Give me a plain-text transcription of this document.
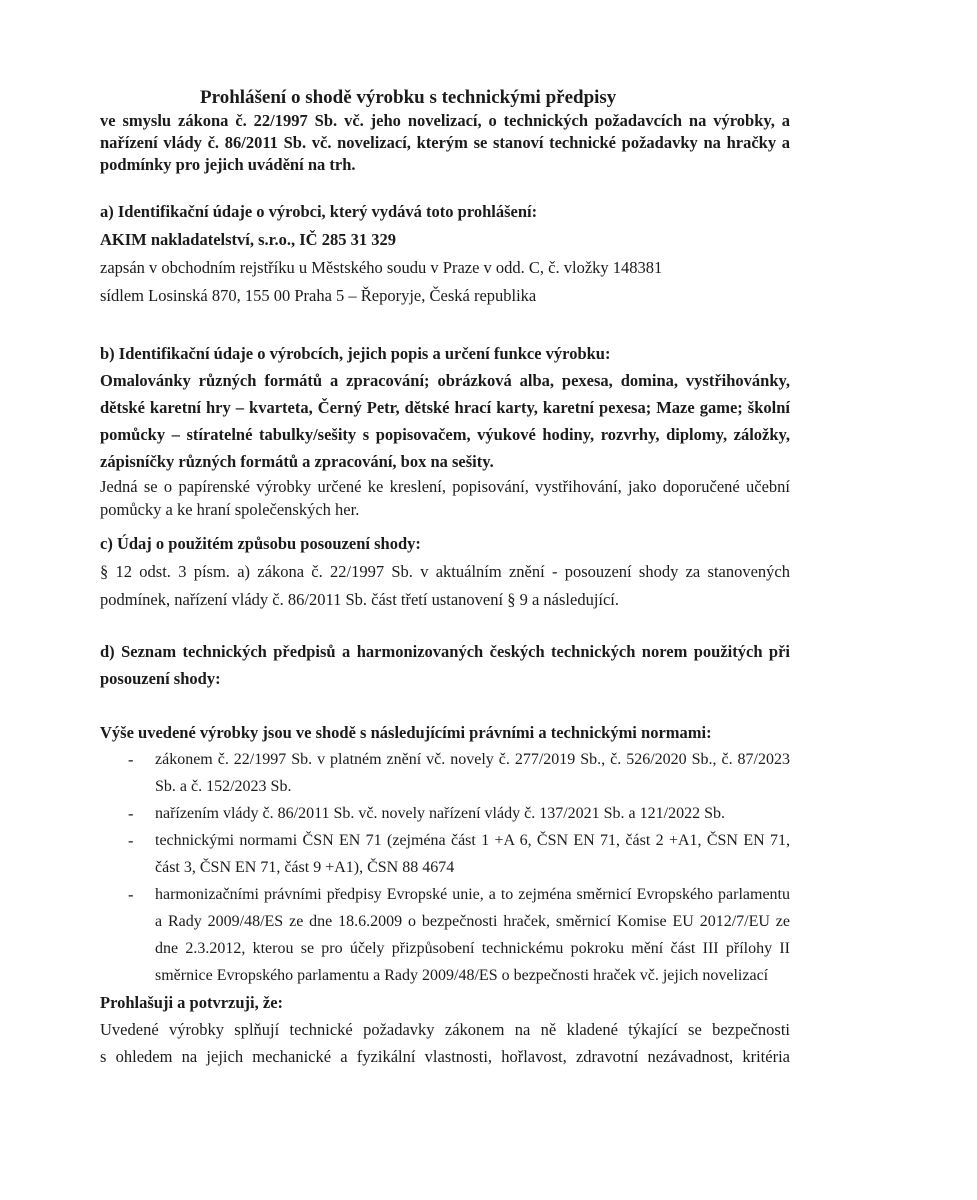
Prohlášení o shodě výrobku s technickými předpisy

ve smyslu zákona č. 22/1997 Sb. vč. jeho novelizací, o technických požadavcích na výrobky, a nařízení vlády č. 86/2011 Sb. vč. novelizací, kterým se stanoví technické požadavky na hračky a podmínky pro jejich uvádění na trh.

a) Identifikační údaje o výrobci, který vydává toto prohlášení:

AKIM nakladatelství, s.r.o., IČ 285 31 329

zapsán v obchodním rejstříku u Městského soudu v Praze v odd. C, č. vložky 148381

sídlem Losinská 870, 155 00 Praha 5 – Řeporyje, Česká republika

b) Identifikační údaje o výrobcích, jejich popis a určení funkce výrobku:

Omalovánky různých formátů a zpracování; obrázková alba, pexesa, domina, vystřihovánky, dětské karetní hry – kvarteta, Černý Petr, dětské hrací karty, karetní pexesa; Maze game; školní pomůcky – stíratelné tabulky/sešity s popisovačem, výukové hodiny, rozvrhy, diplomy, záložky, zápisníčky různých formátů a zpracování, box na sešity.

Jedná se o papírenské výrobky určené ke kreslení, popisování, vystřihování, jako doporučené učební pomůcky a ke hraní společenských her.

c) Údaj o použitém způsobu posouzení shody:

§ 12 odst. 3 písm. a) zákona č. 22/1997 Sb. v aktuálním znění - posouzení shody za stanovených podmínek, nařízení vlády č. 86/2011 Sb. část třetí ustanovení § 9 a následující.

d) Seznam technických předpisů a harmonizovaných českých technických norem použitých při posouzení shody:

Výše uvedené výrobky jsou ve shodě s následujícími právními a technickými normami:

-	zákonem č. 22/1997 Sb. v platném znění vč. novely č. 277/2019 Sb., č. 526/2020 Sb., č. 87/2023 Sb. a č. 152/2023 Sb.
-	nařízením vlády č. 86/2011 Sb. vč. novely nařízení vlády č. 137/2021 Sb. a 121/2022 Sb.
-	technickými normami ČSN EN 71 (zejména část 1 +A 6, ČSN EN 71, část 2 +A1, ČSN EN 71, část 3, ČSN EN 71, část 9 +A1), ČSN 88 4674
-	harmonizačními právními předpisy Evropské unie, a to zejména směrnicí Evropského parlamentu a Rady 2009/48/ES ze dne 18.6.2009 o bezpečnosti hraček, směrnicí Komise EU 2012/7/EU ze dne 2.3.2012, kterou se pro účely přizpůsobení technickému pokroku mění část III přílohy II směrnice Evropského parlamentu a Rady 2009/48/ES o bezpečnosti hraček vč. jejich novelizací
Prohlašuji a potvrzuji, že:

Uvedené výrobky splňují technické požadavky zákonem na ně kladené týkající se bezpečnosti s ohledem na jejich mechanické a fyzikální vlastnosti, hořlavost, zdravotní nezávadnost, kritéria
